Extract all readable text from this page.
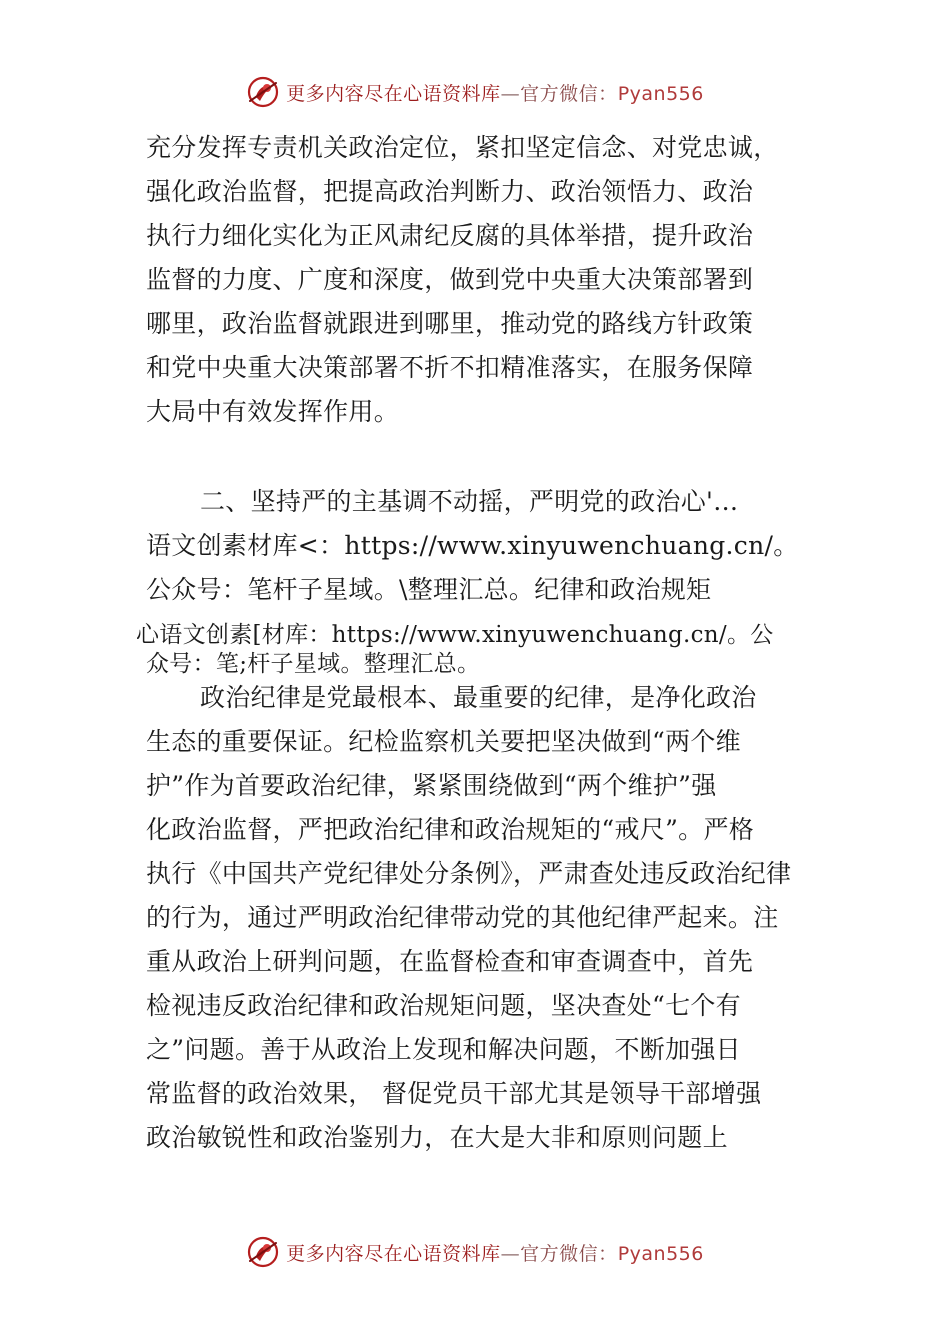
更多内容尽在心语资料库—官方微信：Pyan556
充分发挥专责机关政治定位，紧扣坚定信念、对党忠诚，
强化政治监督，把提高政治判断力、政治领悟力、政治
执行力细化实化为正风肃纪反腐的具体举措，提升政治
监督的力度、广度和深度，做到党中央重大决策部署到
哪里，政治监督就跟进到哪里，推动党的路线方针政策
和党中央重大决策部署不折不扣精准落实，在服务保障
大局中有效发挥作用。
二、坚持严的主基调不动摇，严明党的政治心'…
语文创素材库<：https://www.xinyuwenchuang.cn/。
公众号：笔杆子星域。\整理汇总。纪律和政治规矩
心语文创素[材库：https://www.xinyuwenchuang.cn/。公
众号：笔;杆子星域。整理汇总。
政治纪律是党最根本、最重要的纪律，是净化政治
生态的重要保证。纪检监察机关要把坚决做到“两个维
护”作为首要政治纪律，紧紧围绕做到“两个维护”强
化政治监督，严把政治纪律和政治规矩的“戒尺”。严格
执行《中国共产党纪律处分条例》，严肃查处违反政治纪律
的行为，通过严明政治纪律带动党的其他纪律严起来。注
重从政治上研判问题，在监督检查和审查调查中，首先
检视违反政治纪律和政治规矩问题，坚决查处“七个有
之”问题。善于从政治上发现和解决问题，不断加强日
常监督的政治效果， 督促党员干部尤其是领导干部增强
政治敏锐性和政治鉴别力，在大是大非和原则问题上
更多内容尽在心语资料库—官方微信：Pyan556
